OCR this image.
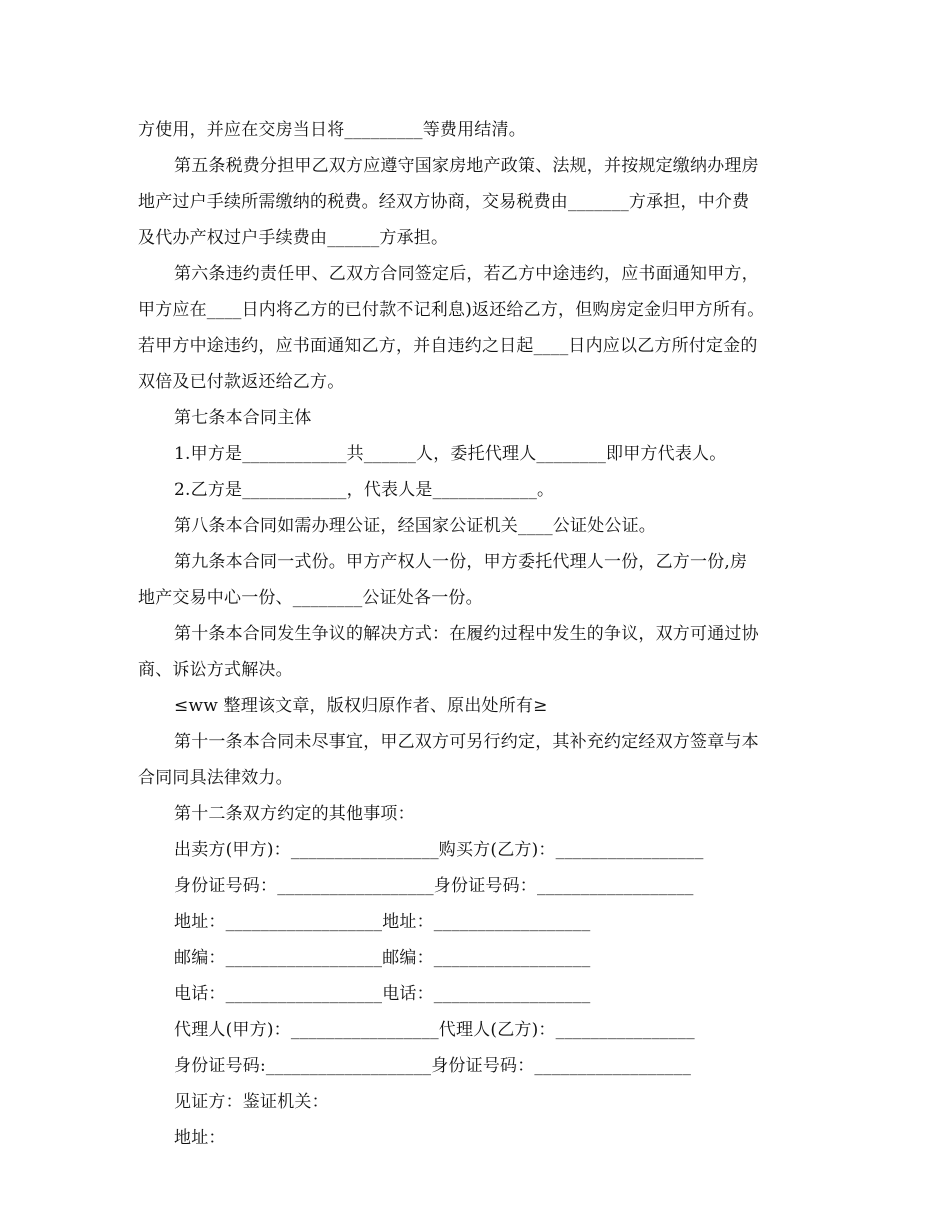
方使用，并应在交房当日将_________等费用结清。
第五条税费分担甲乙双方应遵守国家房地产政策、法规，并按规定缴纳办理房
地产过户手续所需缴纳的税费。经双方协商，交易税费由_______方承担，中介费
及代办产权过户手续费由______方承担。
第六条违约责任甲、乙双方合同签定后，若乙方中途违约，应书面通知甲方，
甲方应在____日内将乙方的已付款不记利息)返还给乙方，但购房定金归甲方所有。
若甲方中途违约，应书面通知乙方，并自违约之日起____日内应以乙方所付定金的
双倍及已付款返还给乙方。
第七条本合同主体
1.甲方是____________共______人，委托代理人________即甲方代表人。
2.乙方是____________，代表人是____________。
第八条本合同如需办理公证，经国家公证机关____公证处公证。
第九条本合同一式份。甲方产权人一份，甲方委托代理人一份，乙方一份,房
地产交易中心一份、________公证处各一份。
第十条本合同发生争议的解决方式：在履约过程中发生的争议，双方可通过协
商、诉讼方式解决。
≤ww 整理该文章，版权归原作者、原出处所有≥
第十一条本合同未尽事宜，甲乙双方可另行约定，其补充约定经双方签章与本
合同同具法律效力。
第十二条双方约定的其他事项：
出卖方(甲方)：_________________购买方(乙方)：_________________
身份证号码：__________________身份证号码：__________________
地址：__________________地址：__________________
邮编：__________________邮编：__________________
电话：__________________电话：__________________
代理人(甲方)：_________________代理人(乙方)：________________
身份证号码:___________________身份证号码：__________________
见证方：鉴证机关：
地址：
